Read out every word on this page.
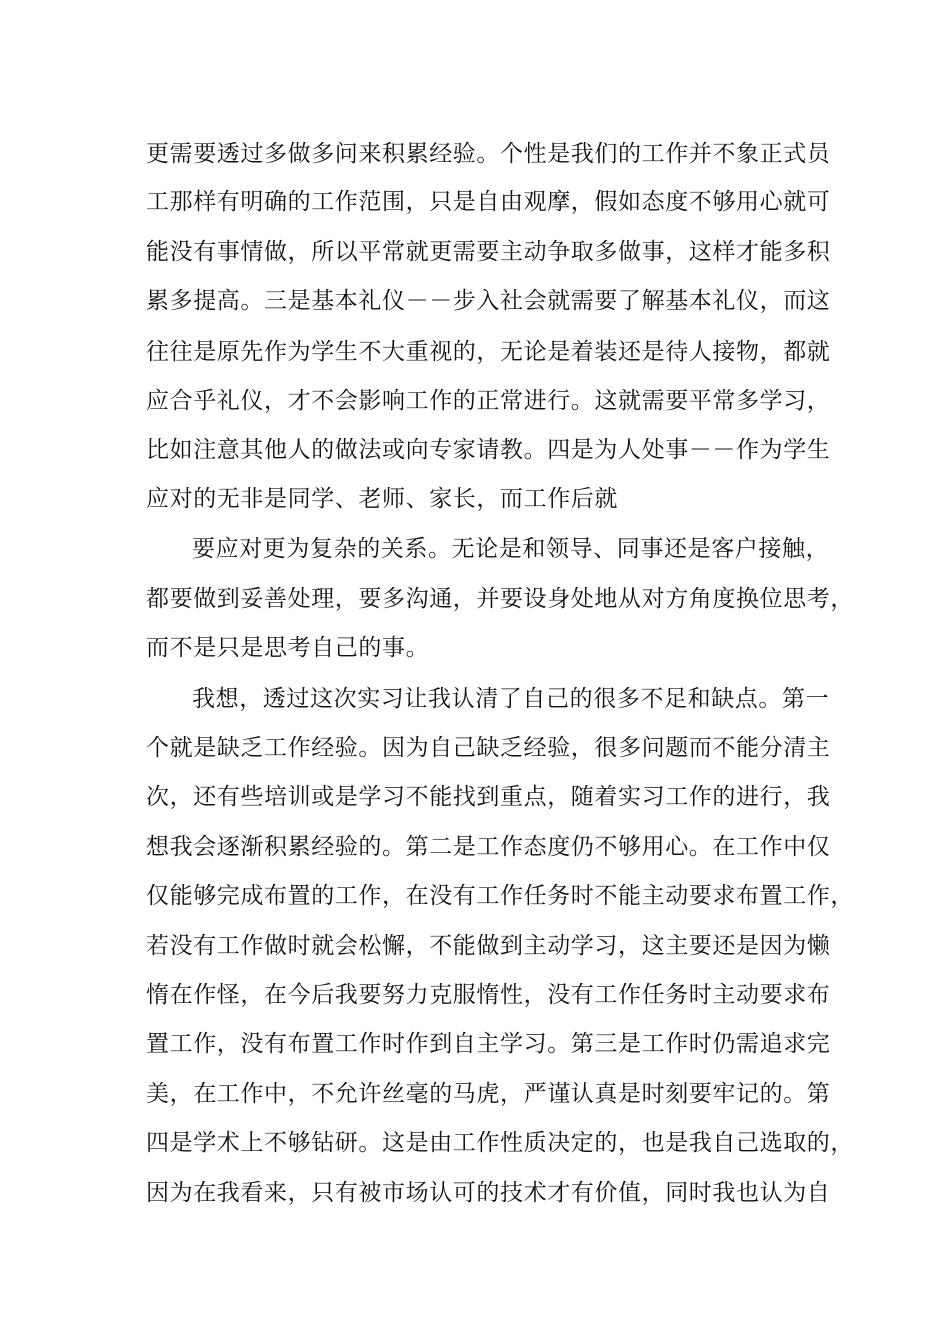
更需要透过多做多问来积累经验。个性是我们的工作并不象正式员
工那样有明确的工作范围，只是自由观摩，假如态度不够用心就可
能没有事情做，所以平常就更需要主动争取多做事，这样才能多积
累多提高。三是基本礼仪－－步入社会就需要了解基本礼仪，而这
往往是原先作为学生不大重视的，无论是着装还是待人接物，都就
应合乎礼仪，才不会影响工作的正常进行。这就需要平常多学习，
比如注意其他人的做法或向专家请教。四是为人处事－－作为学生
应对的无非是同学、老师、家长，而工作后就
要应对更为复杂的关系。无论是和领导、同事还是客户接触，
都要做到妥善处理，要多沟通，并要设身处地从对方角度换位思考，
而不是只是思考自己的事。
我想，透过这次实习让我认清了自己的很多不足和缺点。第一
个就是缺乏工作经验。因为自己缺乏经验，很多问题而不能分清主
次，还有些培训或是学习不能找到重点，随着实习工作的进行，我
想我会逐渐积累经验的。第二是工作态度仍不够用心。在工作中仅
仅能够完成布置的工作，在没有工作任务时不能主动要求布置工作，
若没有工作做时就会松懈，不能做到主动学习，这主要还是因为懒
惰在作怪，在今后我要努力克服惰性，没有工作任务时主动要求布
置工作，没有布置工作时作到自主学习。第三是工作时仍需追求完
美，在工作中，不允许丝毫的马虎，严谨认真是时刻要牢记的。第
四是学术上不够钻研。这是由工作性质决定的，也是我自己选取的，
因为在我看来，只有被市场认可的技术才有价值，同时我也认为自
